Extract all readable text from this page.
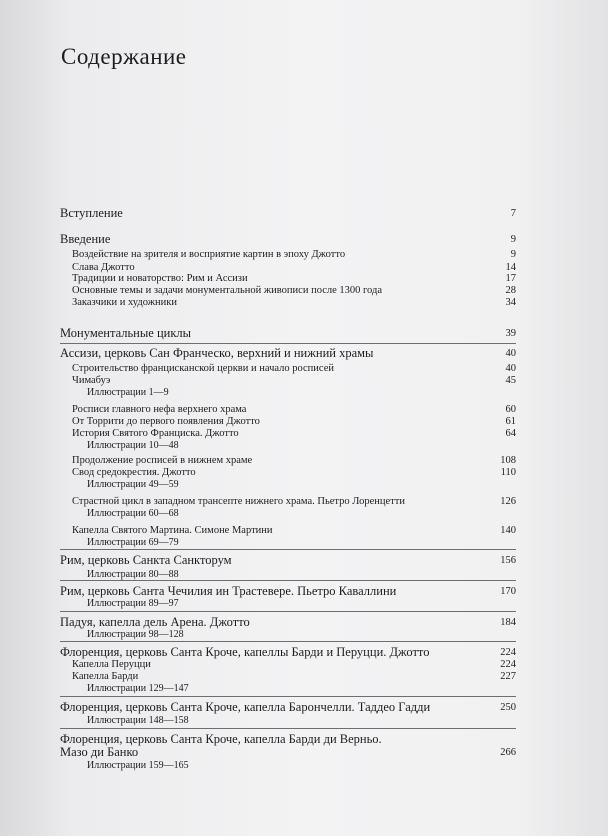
Содержание
Вступление	7
Введение	9
Воздействие на зрителя и восприятие картин в эпоху Джотто	9
Слава Джотто	14
Традиции и новаторство: Рим и Ассизи	17
Основные темы и задачи монументальной живописи после 1300 года	28
Заказчики и художники	34
Монументальные циклы	39
Ассизи, церковь Сан Франческо, верхний и нижний храмы	40
Строительство францисканской церкви и начало росписей	40
Чимабуэ	45
Иллюстрации 1—9
Росписи главного нефа верхнего храма	60
От Торрити до первого появления Джотто	61
История Святого Франциска. Джотто	64
Иллюстрации 10—48
Продолжение росписей в нижнем храме	108
Свод средокрестия. Джотто	110
Иллюстрации 49—59
Страстной цикл в западном трансепте нижнего храма. Пьетро Лоренцетти	126
Иллюстрации 60—68
Капелла Святого Мартина. Симоне Мартини	140
Иллюстрации 69—79
Рим, церковь Санкта Санкторум	156
Иллюстрации 80—88
Рим, церковь Санта Чечилия ин Трастевере. Пьетро Каваллини	170
Иллюстрации 89—97
Падуя, капелла дель Арена. Джотто	184
Иллюстрации 98—128
Флоренция, церковь Санта Кроче, капеллы Барди и Перуцци. Джотто	224
Капелла Перуцци	224
Капелла Барди	227
Иллюстрации 129—147
Флоренция, церковь Санта Кроче, капелла Барончелли. Таддео Гадди	250
Иллюстрации 148—158
Флоренция, церковь Санта Кроче, капелла Барди ди Верньо.
Мазо ди Банко	266
Иллюстрации 159—165
